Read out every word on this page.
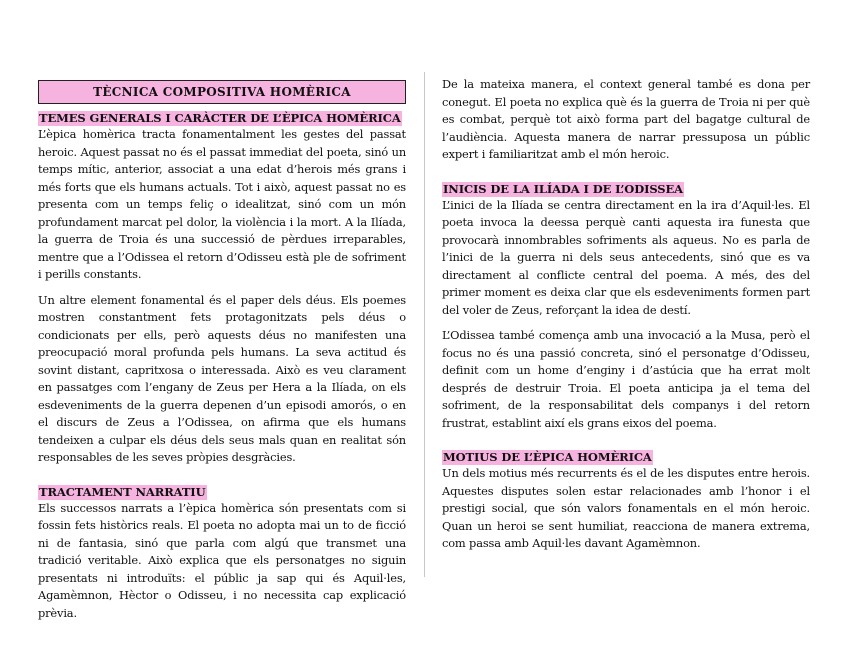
TÈCNICA COMPOSITIVA HOMÈRICA
TEMES GENERALS I CARÀCTER DE L’ÈPICA HOMÈRICA

L’èpica homèrica tracta fonamentalment les gestes del passat heroic. Aquest passat no és el passat immediat del poeta, sinó un temps mític, anterior, associat a una edat d’herois més grans i més forts que els humans actuals. Tot i això, aquest passat no es presenta com un temps feliç o idealitzat, sinó com un món profundament marcat pel dolor, la violència i la mort. A la Ilíada, la guerra de Troia és una successió de pèrdues irreparables, mentre que a l’Odissea el retorn d’Odisseu està ple de sofriment i perills constants.

Un altre element fonamental és el paper dels déus. Els poemes mostren constantment fets protagonitzats pels déus o condicionats per ells, però aquests déus no manifesten una preocupació moral profunda pels humans. La seva actitud és sovint distant, capritxosa o interessada. Això es veu clarament en passatges com l’engany de Zeus per Hera a la Ilíada, on els esdeveniments de la guerra depenen d’un episodi amorós, o en el discurs de Zeus a l’Odissea, on afirma que els humans tendeixen a culpar els déus dels seus mals quan en realitat són responsables de les seves pròpies desgràcies.

TRACTAMENT NARRATIU

Els successos narrats a l’èpica homèrica són presentats com si fossin fets històrics reals. El poeta no adopta mai un to de ficció ni de fantasia, sinó que parla com algú que transmet una tradició veritable. Això explica que els personatges no siguin presentats ni introduïts: el públic ja sap qui és Aquil·les, Agamèmnon, Hèctor o Odisseu, i no necessita cap explicació prèvia.

De la mateixa manera, el context general també es dona per conegut. El poeta no explica què és la guerra de Troia ni per què es combat, perquè tot això forma part del bagatge cultural de l’audiència. Aquesta manera de narrar pressuposa un públic expert i familiaritzat amb el món heroic.

INICIS DE LA ILÍADA I DE L’ODISSEA

L’inici de la Ilíada se centra directament en la ira d’Aquil·les. El poeta invoca la deessa perquè canti aquesta ira funesta que provocarà innombrables sofriments als aqueus. No es parla de l’inici de la guerra ni dels seus antecedents, sinó que es va directament al conflicte central del poema. A més, des del primer moment es deixa clar que els esdeveniments formen part del voler de Zeus, reforçant la idea de destí.

L’Odissea també comença amb una invocació a la Musa, però el focus no és una passió concreta, sinó el personatge d’Odisseu, definit com un home d’enginy i d’astúcia que ha errat molt després de destruir Troia. El poeta anticipa ja el tema del sofriment, de la responsabilitat dels companys i del retorn frustrat, establint així els grans eixos del poema.

MOTIUS DE L’ÈPICA HOMÈRICA

Un dels motius més recurrents és el de les disputes entre herois. Aquestes disputes solen estar relacionades amb l’honor i el prestigi social, que són valors fonamentals en el món heroic. Quan un heroi se sent humiliat, reacciona de manera extrema, com passa amb Aquil·les davant Agamèmnon.
